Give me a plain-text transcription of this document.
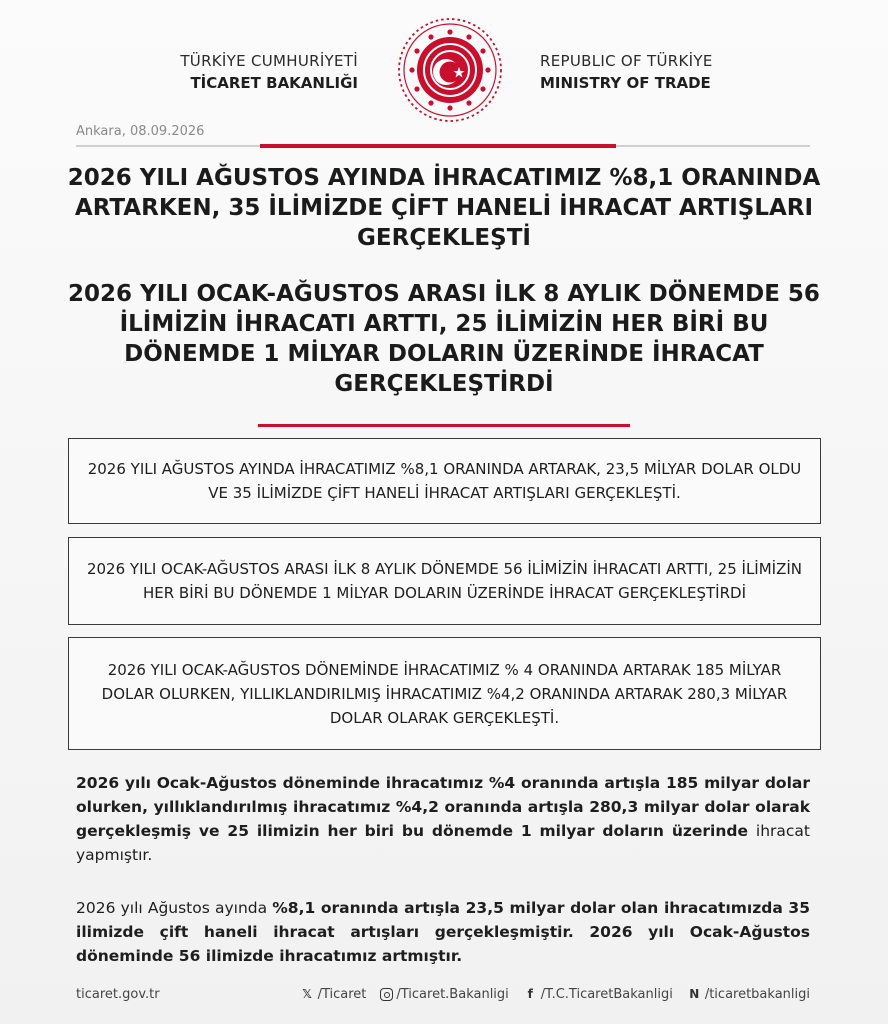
TÜRKİYE CUMHURİYETİ
TİCARET BAKANLIĞI
REPUBLIC OF TÜRKİYE
MINISTRY OF TRADE
Ankara, 08.09.2026
2026 YILI AĞUSTOS AYINDA İHRACATIMIZ %8,1 ORANINDA ARTARKEN, 35 İLİMİZDE ÇİFT HANELİ İHRACAT ARTIŞLARI GERÇEKLEŞTİ
2026 YILI OCAK-AĞUSTOS ARASI İLK 8 AYLIK DÖNEMDE 56 İLİMİZİN İHRACATI ARTTI, 25 İLİMİZİN HER BİRİ BU DÖNEMDE 1 MİLYAR DOLARIN ÜZERİNDE İHRACAT GERÇEKLEŞTİRDİ
2026 YILI AĞUSTOS AYINDA İHRACATIMIZ %8,1 ORANINDA ARTARAK, 23,5 MİLYAR DOLAR OLDU VE 35 İLİMİZDE ÇİFT HANELİ İHRACAT ARTIŞLARI GERÇEKLEŞTİ.
2026 YILI OCAK-AĞUSTOS ARASI İLK 8 AYLIK DÖNEMDE 56 İLİMİZİN İHRACATI ARTTI, 25 İLİMİZİN HER BİRİ BU DÖNEMDE 1 MİLYAR DOLARIN ÜZERİNDE İHRACAT GERÇEKLEŞTİRDİ
2026 YILI OCAK-AĞUSTOS DÖNEMİNDE İHRACATIMIZ % 4 ORANINDA ARTARAK 185 MİLYAR DOLAR OLURKEN, YILLIKLANDIRILMIŞ İHRACATIMIZ %4,2 ORANINDA ARTARAK 280,3 MİLYAR DOLAR OLARAK GERÇEKLEŞTİ.

2026 yılı Ocak-Ağustos döneminde ihracatımız %4 oranında artışla 185 milyar dolar olurken, yıllıklandırılmış ihracatımız %4,2 oranında artışla 280,3 milyar dolar olarak gerçekleşmiş ve 25 ilimizin her biri bu dönemde 1 milyar doların üzerinde ihracat yapmıştır.

2026 yılı Ağustos ayında %8,1 oranında artışla 23,5 milyar dolar olan ihracatımızda 35 ilimizde çift haneli ihracat artışları gerçekleşmiştir. 2026 yılı Ocak-Ağustos döneminde 56 ilimizde ihracatımız artmıştır.

ticaret.gov.tr	𝕏 /Ticaret /Ticaret.Bakanligi	f /T.C.TicaretBakanligi N /ticaretbakanligi
